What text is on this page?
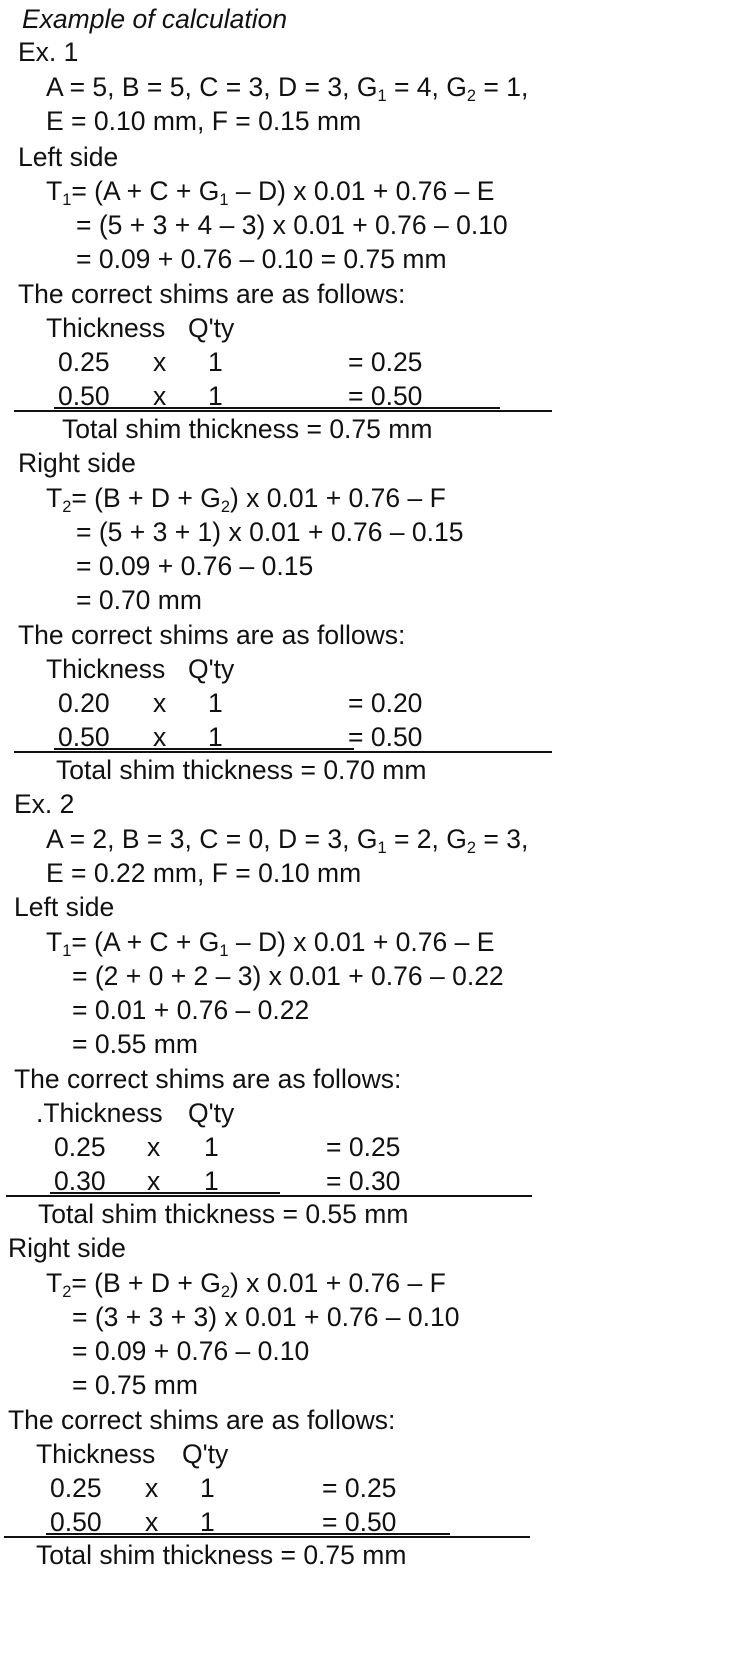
Example of calculation
Ex. 1
A = 5, B = 5, C = 3, D = 3, $G_1 = 4$, $G_2 = 1$,
E = 0.10 mm, F = 0.15 mm
Left side
$T_1= (A + C + G_1 - D)$ x 0.01 + 0.76 – E
= (5 + 3 + 4 – 3) x 0.01 + 0.76 – 0.10
= 0.09 + 0.76 – 0.10 = 0.75 mm
The correct shims are as follows:
Thickness Q'ty
0.25 x 1	= 0.25
0.50 x 1	= 0.50
Total shim thickness = 0.75 mm
Right side
$T_2= (B + D + G_2)$ x 0.01 + 0.76 – F
= (5 + 3 + 1) x 0.01 + 0.76 – 0.15
= 0.09 + 0.76 – 0.15
= 0.70 mm
The correct shims are as follows:
Thickness Q'ty
0.20 x 1	= 0.20
0.50 x 1	= 0.50
Total shim thickness = 0.70 mm
Ex. 2
A = 2, B = 3, C = 0, D = 3, $G_1 = 2$, $G_2 = 3$,
E = 0.22 mm, F = 0.10 mm
Left side
$T_1= (A + C + G_1 - D)$ x 0.01 + 0.76 – E
= (2 + 0 + 2 – 3) x 0.01 + 0.76 – 0.22
= 0.01 + 0.76 – 0.22
= 0.55 mm
The correct shims are as follows:
.Thickness Q'ty
0.25 x 1	= 0.25
0.30 x 1	= 0.30
Total shim thickness = 0.55 mm
Right side
$T_2= (B + D + G_2)$ x 0.01 + 0.76 – F
= (3 + 3 + 3) x 0.01 + 0.76 – 0.10
= 0.09 + 0.76 – 0.10
= 0.75 mm
The correct shims are as follows:
Thickness Q'ty
0.25 x 1	= 0.25
0.50 x 1	= 0.50
Total shim thickness = 0.75 mm
